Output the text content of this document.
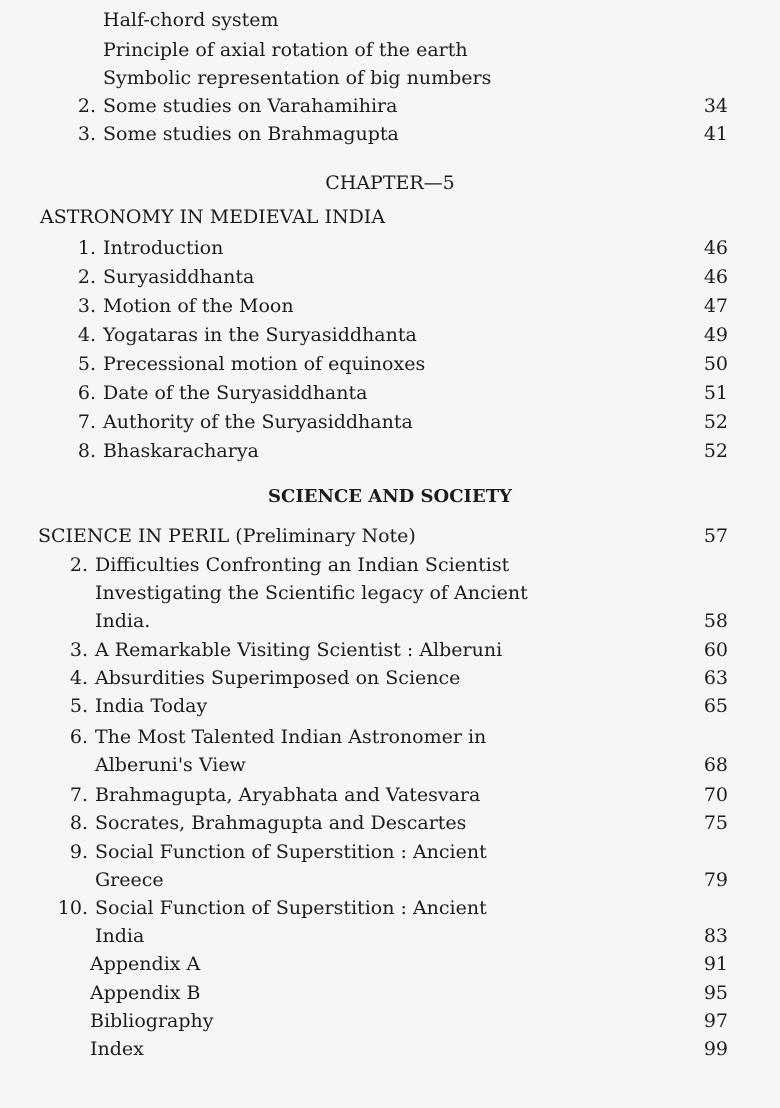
Half-chord system
Principle of axial rotation of the earth
Symbolic representation of big numbers
2. Some studies on Varahamihira	34
3. Some studies on Brahmagupta	41
CHAPTER—5
ASTRONOMY IN MEDIEVAL INDIA
1. Introduction	46
2. Suryasiddhanta	46
3. Motion of the Moon	47
4. Yogataras in the Suryasiddhanta	49
5. Precessional motion of equinoxes	50
6. Date of the Suryasiddhanta	51
7. Authority of the Suryasiddhanta	52
8. Bhaskaracharya	52
SCIENCE AND SOCIETY
SCIENCE IN PERIL (Preliminary Note)	57
2. Difficulties Confronting an Indian Scientist
Investigating the Scientific legacy of Ancient
India.	58
3. A Remarkable Visiting Scientist : Alberuni	60
4. Absurdities Superimposed on Science	63
5. India Today	65
6. The Most Talented Indian Astronomer in
Alberuni's View	68
7. Brahmagupta, Aryabhata and Vatesvara	70
8. Socrates, Brahmagupta and Descartes	75
9. Social Function of Superstition : Ancient
Greece	79
10. Social Function of Superstition : Ancient
India	83
Appendix A	91
Appendix B	95
Bibliography	97
Index	99
